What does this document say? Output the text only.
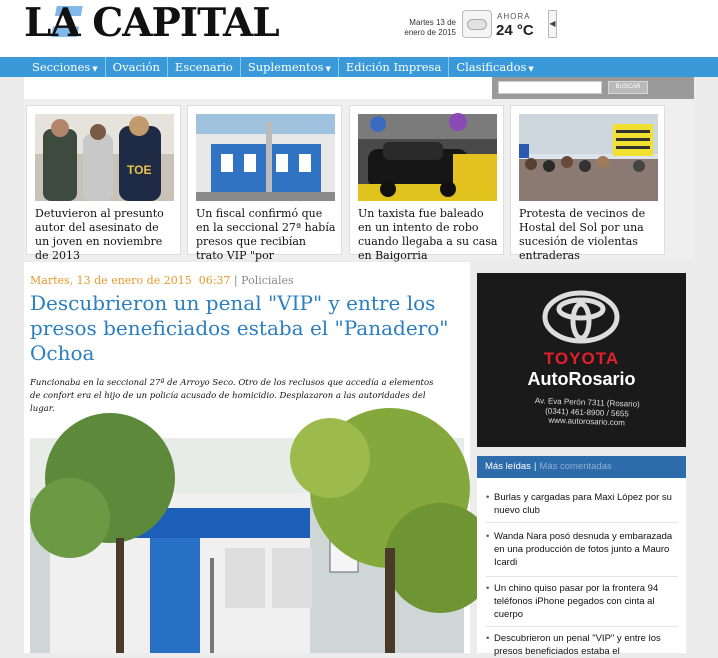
LA CAPITAL	Martes 13 de
enero de 2015
AHORA
24 °C ◀
Secciones ▼	Ovación	Escenario	Suplementos ▼	Edición Impresa	Clasificados ▼
BUSCAR
TOE
Detuvieron al presunto autor del asesinato de un joven en noviembre de 2013
Un fiscal confirmó que en la seccional 27ª había presos que recibían trato VIP "por
Un taxista fue baleado en un intento de robo cuando llegaba a su casa en Baigorria
Protesta de vecinos de Hostal del Sol por una sucesión de violentas entraderas
Martes, 13 de enero de 2015 06:37 | Policiales
Descubrieron un penal "VIP" y entre los presos beneficiados estaba el "Panadero" Ochoa
Funcionaba en la seccional 27ª de Arroyo Seco. Otro de los reclusos que accedía a elementos de confort era el hijo de un policía acusado de homicidio. Desplazaron a las autoridades del lugar.
TOYOTA
AutoRosario
Av. Eva Perón 7311 (Rosario)
(0341) 461-8900 / 5655
www.autorosario.com
Más leídas | Más comentadas
• Burlas y cargadas para Maxi López por su nuevo club
• Wanda Nara posó desnuda y embarazada en una producción de fotos junto a Mauro Icardi
• Un chino quiso pasar por la frontera 94 teléfonos iPhone pegados con cinta al cuerpo
• Descubrieron un penal "VIP" y entre los presos beneficiados estaba el
